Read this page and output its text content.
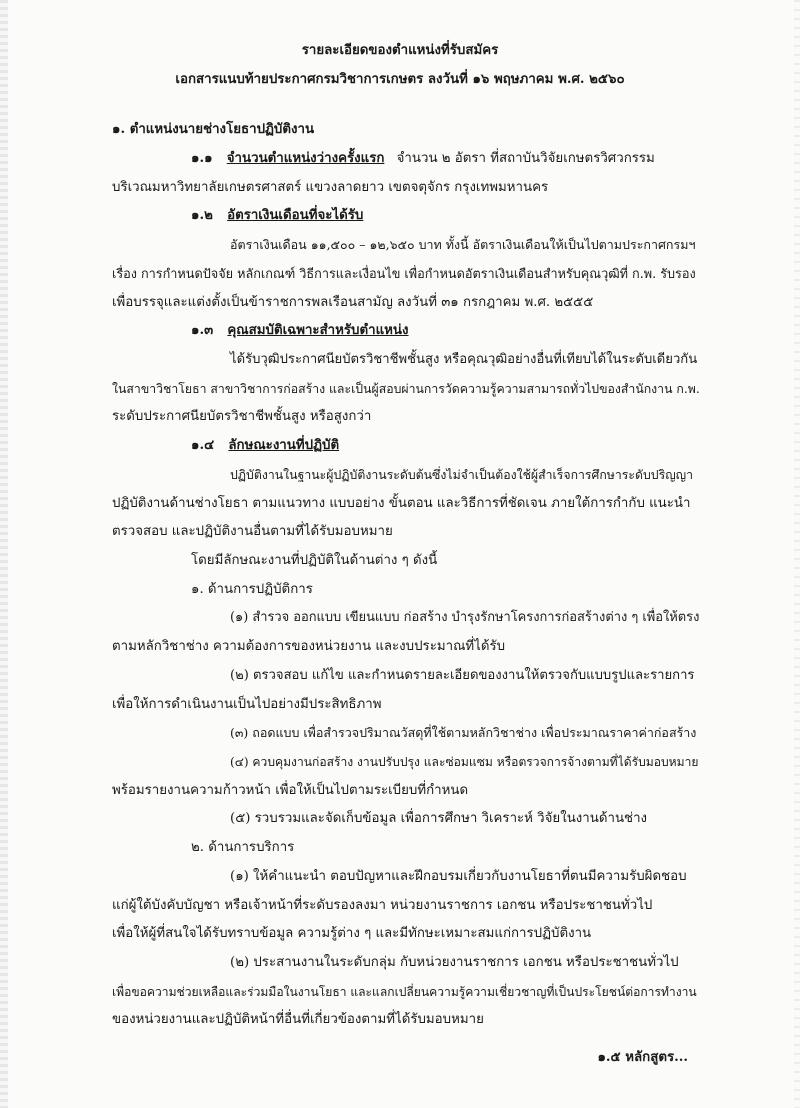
รายละเอียดของตำแหน่งที่รับสมัคร
เอกสารแนบท้ายประกาศกรมวิชาการเกษตร ลงวันที่ ๑๖ พฤษภาคม พ.ศ. ๒๕๖๐
๑. ตำแหน่งนายช่างโยธาปฏิบัติงาน
๑.๑ จำนวนตำแหน่งว่างครั้งแรก จำนวน ๒ อัตรา ที่สถาบันวิจัยเกษตรวิศวกรรม
บริเวณมหาวิทยาลัยเกษตรศาสตร์ แขวงลาดยาว เขตจตุจักร กรุงเทพมหานคร
๑.๒ อัตราเงินเดือนที่จะได้รับ
อัตราเงินเดือน ๑๑,๕๐๐ – ๑๒,๖๕๐ บาท ทั้งนี้ อัตราเงินเดือนให้เป็นไปตามประกาศกรมฯ
เรื่อง การกำหนดปัจจัย หลักเกณฑ์ วิธีการและเงื่อนไข เพื่อกำหนดอัตราเงินเดือนสำหรับคุณวุฒิที่ ก.พ. รับรอง
เพื่อบรรจุและแต่งตั้งเป็นข้าราชการพลเรือนสามัญ ลงวันที่ ๓๑ กรกฎาคม พ.ศ. ๒๕๕๕
๑.๓ คุณสมบัติเฉพาะสำหรับตำแหน่ง
ได้รับวุฒิประกาศนียบัตรวิชาชีพชั้นสูง หรือคุณวุฒิอย่างอื่นที่เทียบได้ในระดับเดียวกัน
ในสาขาวิชาโยธา สาขาวิชาการก่อสร้าง และเป็นผู้สอบผ่านการวัดความรู้ความสามารถทั่วไปของสำนักงาน ก.พ.
ระดับประกาศนียบัตรวิชาชีพชั้นสูง หรือสูงกว่า
๑.๔ ลักษณะงานที่ปฏิบัติ
ปฏิบัติงานในฐานะผู้ปฏิบัติงานระดับต้นซึ่งไม่จำเป็นต้องใช้ผู้สำเร็จการศึกษาระดับปริญญา
ปฏิบัติงานด้านช่างโยธา ตามแนวทาง แบบอย่าง ขั้นตอน และวิธีการที่ชัดเจน ภายใต้การกำกับ แนะนำ
ตรวจสอบ และปฏิบัติงานอื่นตามที่ได้รับมอบหมาย
โดยมีลักษณะงานที่ปฏิบัติในด้านต่าง ๆ ดังนี้
๑. ด้านการปฏิบัติการ
(๑) สำรวจ ออกแบบ เขียนแบบ ก่อสร้าง บำรุงรักษาโครงการก่อสร้างต่าง ๆ เพื่อให้ตรง
ตามหลักวิชาช่าง ความต้องการของหน่วยงาน และงบประมาณที่ได้รับ
(๒) ตรวจสอบ แก้ไข และกำหนดรายละเอียดของงานให้ตรวจกับแบบรูปและรายการ
เพื่อให้การดำเนินงานเป็นไปอย่างมีประสิทธิภาพ
(๓) ถอดแบบ เพื่อสำรวจปริมาณวัสดุที่ใช้ตามหลักวิชาช่าง เพื่อประมาณราคาค่าก่อสร้าง
(๔) ควบคุมงานก่อสร้าง งานปรับปรุง และซ่อมแซม หรือตรวจการจ้างตามที่ได้รับมอบหมาย
พร้อมรายงานความก้าวหน้า เพื่อให้เป็นไปตามระเบียบที่กำหนด
(๕) รวบรวมและจัดเก็บข้อมูล เพื่อการศึกษา วิเคราะห์ วิจัยในงานด้านช่าง
๒. ด้านการบริการ
(๑) ให้คำแนะนำ ตอบปัญหาและฝึกอบรมเกี่ยวกับงานโยธาที่ตนมีความรับผิดชอบ
แก่ผู้ใต้บังคับบัญชา หรือเจ้าหน้าที่ระดับรองลงมา หน่วยงานราชการ เอกชน หรือประชาชนทั่วไป
เพื่อให้ผู้ที่สนใจได้รับทราบข้อมูล ความรู้ต่าง ๆ และมีทักษะเหมาะสมแก่การปฏิบัติงาน
(๒) ประสานงานในระดับกลุ่ม กับหน่วยงานราชการ เอกชน หรือประชาชนทั่วไป
เพื่อขอความช่วยเหลือและร่วมมือในงานโยธา และแลกเปลี่ยนความรู้ความเชี่ยวชาญที่เป็นประโยชน์ต่อการทำงาน
ของหน่วยงานและปฏิบัติหน้าที่อื่นที่เกี่ยวข้องตามที่ได้รับมอบหมาย
๑.๕ หลักสูตร...
